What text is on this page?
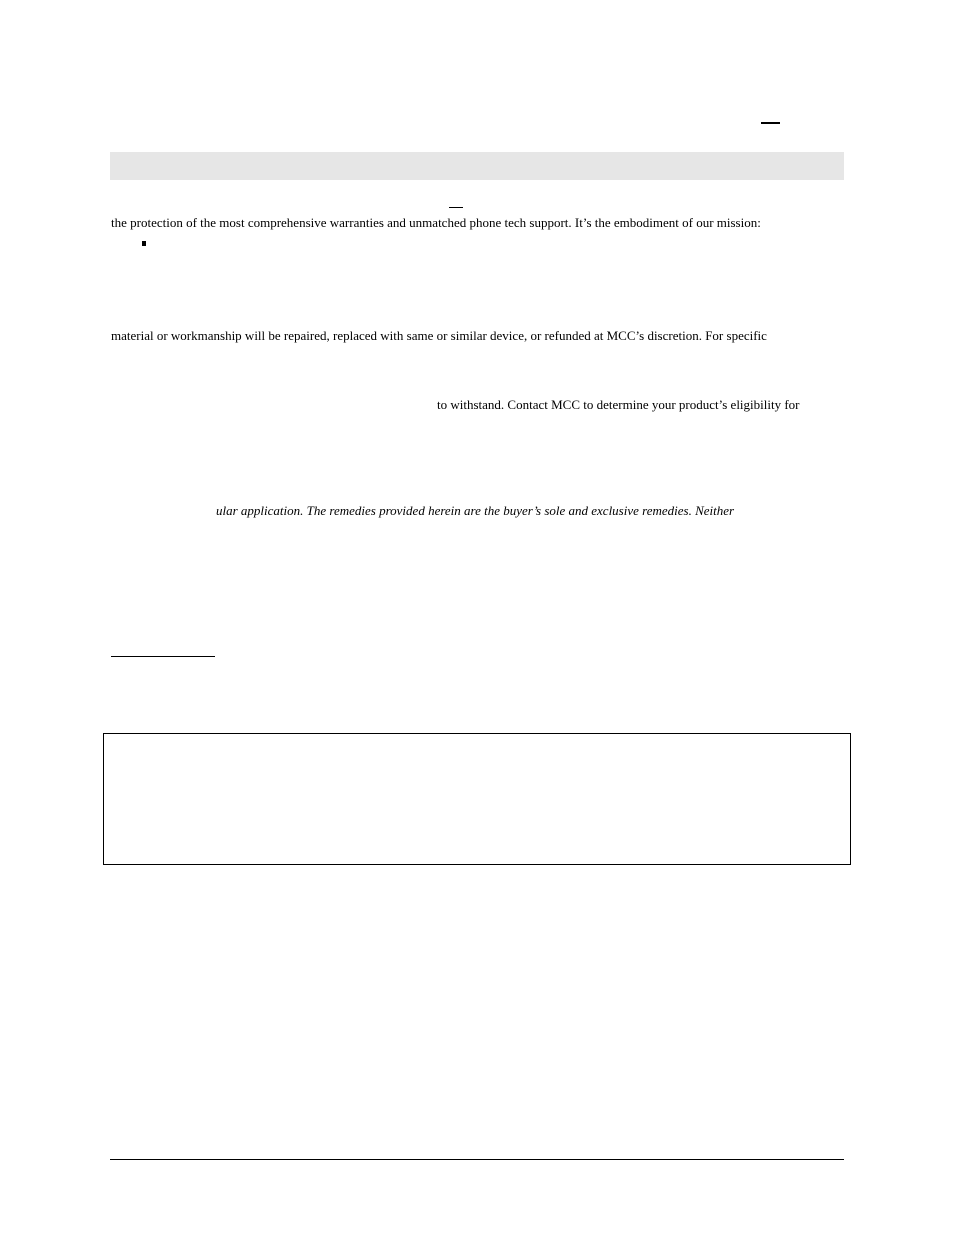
the protection of the most comprehensive warranties and unmatched phone tech support. It’s the embodiment of our mission:
material or workmanship will be repaired, replaced with same or similar device, or refunded at MCC’s discretion. For specific
to withstand. Contact MCC to determine your product’s eligibility for
ular application. The remedies provided herein are the buyer’s sole and exclusive remedies. Neither
